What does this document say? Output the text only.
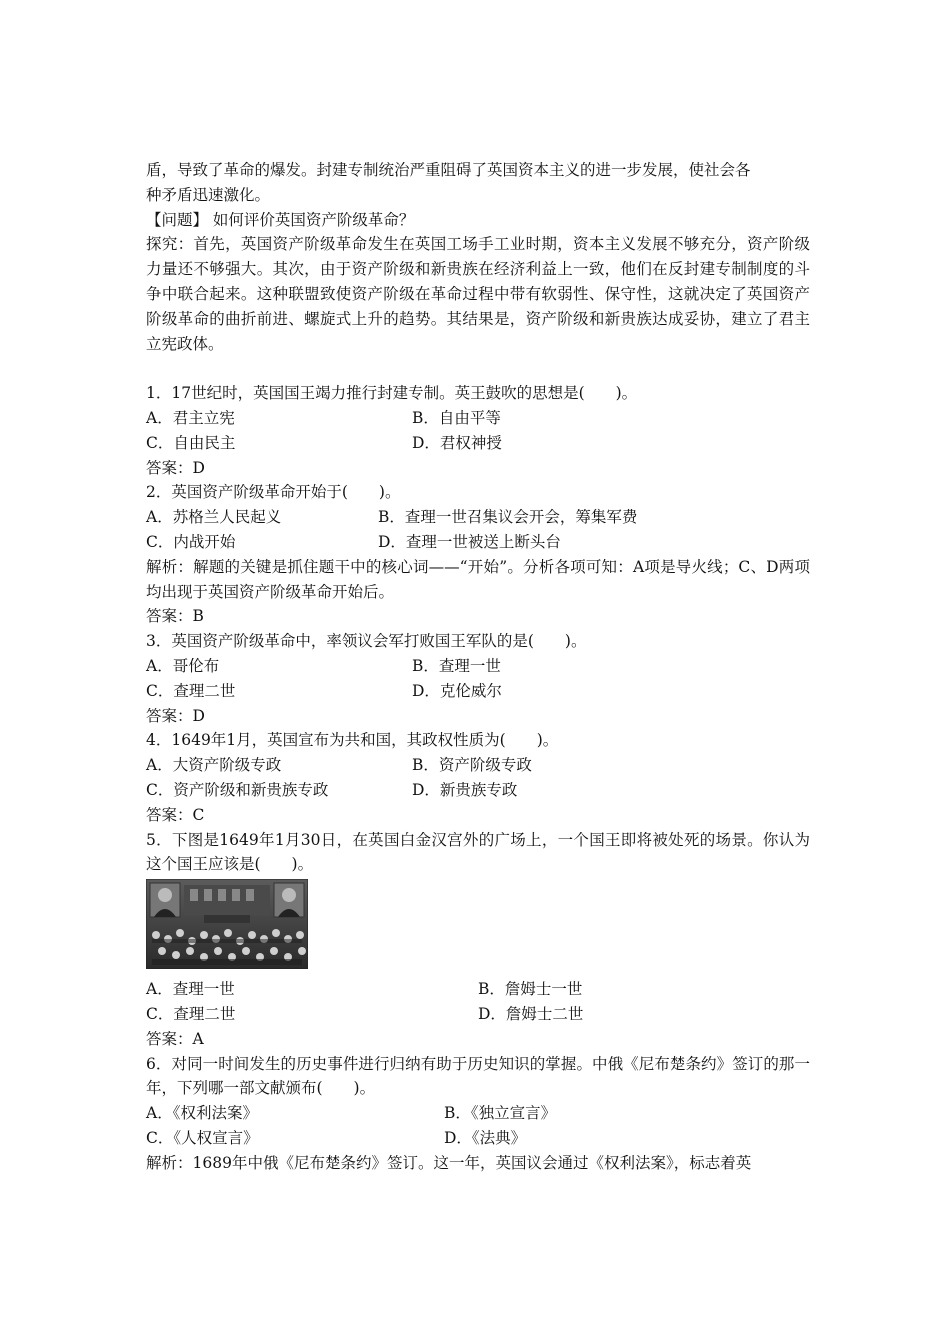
盾，导致了革命的爆发。封建专制统治严重阻碍了英国资本主义的进一步发展，使社会各
种矛盾迅速激化。
【问题】 如何评价英国资产阶级革命？
探究：首先，英国资产阶级革命发生在英国工场手工业时期，资本主义发展不够充分，资产阶级力量还不够强大。其次，由于资产阶级和新贵族在经济利益上一致，他们在反封建专制制度的斗争中联合起来。这种联盟致使资产阶级在革命过程中带有软弱性、保守性，这就决定了英国资产阶级革命的曲折前进、螺旋式上升的趋势。其结果是，资产阶级和新贵族达成妥协，建立了君主立宪政体。
1．17世纪时，英国国王竭力推行封建专制。英王鼓吹的思想是(　　)。
A．君主立宪	B．自由平等
C．自由民主	D．君权神授
答案：D
2．英国资产阶级革命开始于(　　)。
A．苏格兰人民起义	B．查理一世召集议会开会，筹集军费
C．内战开始	D．查理一世被送上断头台
解析：解题的关键是抓住题干中的核心词——“开始”。分析各项可知：A项是导火线；C、D两项均出现于英国资产阶级革命开始后。
答案：B
3．英国资产阶级革命中，率领议会军打败国王军队的是(　　)。
A．哥伦布	B．查理一世
C．查理二世	D．克伦威尔
答案：D
4．1649年1月，英国宣布为共和国，其政权性质为(　　)。
A．大资产阶级专政	B．资产阶级专政
C．资产阶级和新贵族专政	D．新贵族专政
答案：C
5．下图是1649年1月30日，在英国白金汉宫外的广场上，一个国王即将被处死的场景。你认为这个国王应该是(　　)。
A．查理一世	B．詹姆士一世
C．查理二世	D．詹姆士二世
答案：A
6．对同一时间发生的历史事件进行归纳有助于历史知识的掌握。中俄《尼布楚条约》签订的那一年，下列哪一部文献颁布(　　)。
A．《权利法案》	B．《独立宣言》
C．《人权宣言》	D．《法典》
解析：1689年中俄《尼布楚条约》签订。这一年，英国议会通过《权利法案》，标志着英
